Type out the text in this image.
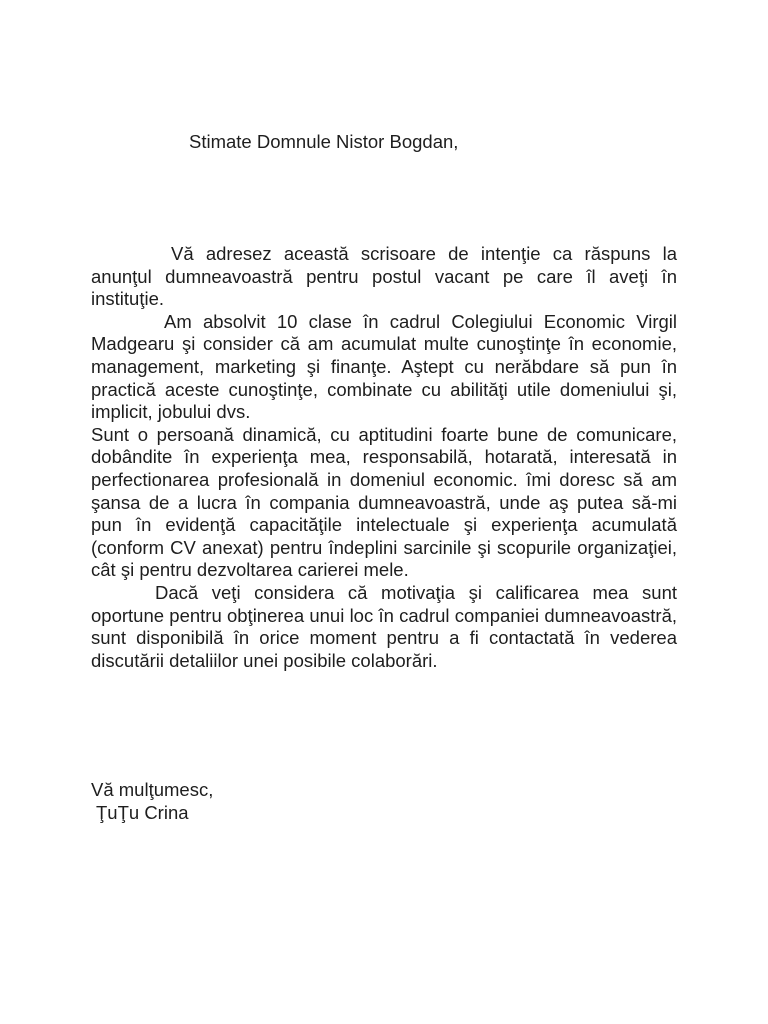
Stimate Domnule Nistor Bogdan,

Vă adresez această scrisoare de intenţie ca răspuns la anunţul dumneavoastră pentru postul vacant pe care îl aveţi în instituţie.

Am absolvit 10 clase în cadrul Colegiului Economic Virgil Madgearu şi consider că am acumulat multe cunoştinţe în economie, management, marketing şi finanţe. Aştept cu nerăbdare să pun în practică aceste cunoştinţe, combinate cu abilităţi utile domeniului şi, implicit, jobului dvs.

Sunt o persoană dinamică, cu aptitudini foarte bune de comunicare, dobândite în experienţa mea, responsabilă, hotarată, interesată in perfectionarea profesională in domeniul economic. îmi doresc să am şansa de a lucra în compania dumneavoastră, unde aş putea să-mi pun în evidenţă capacităţile intelectuale şi experienţa acumulată (conform CV anexat) pentru îndeplini sarcinile şi scopurile organizaţiei, cât şi pentru dezvoltarea carierei mele.

Dacă veţi considera că motivaţia şi calificarea mea sunt oportune pentru obţinerea unui loc în cadrul companiei dumneavoastră, sunt disponibilă în orice moment pentru a fi contactată în vederea discutării detaliilor unei posibile colaborări.

Vă mulţumesc,
ŢuŢu Crina
